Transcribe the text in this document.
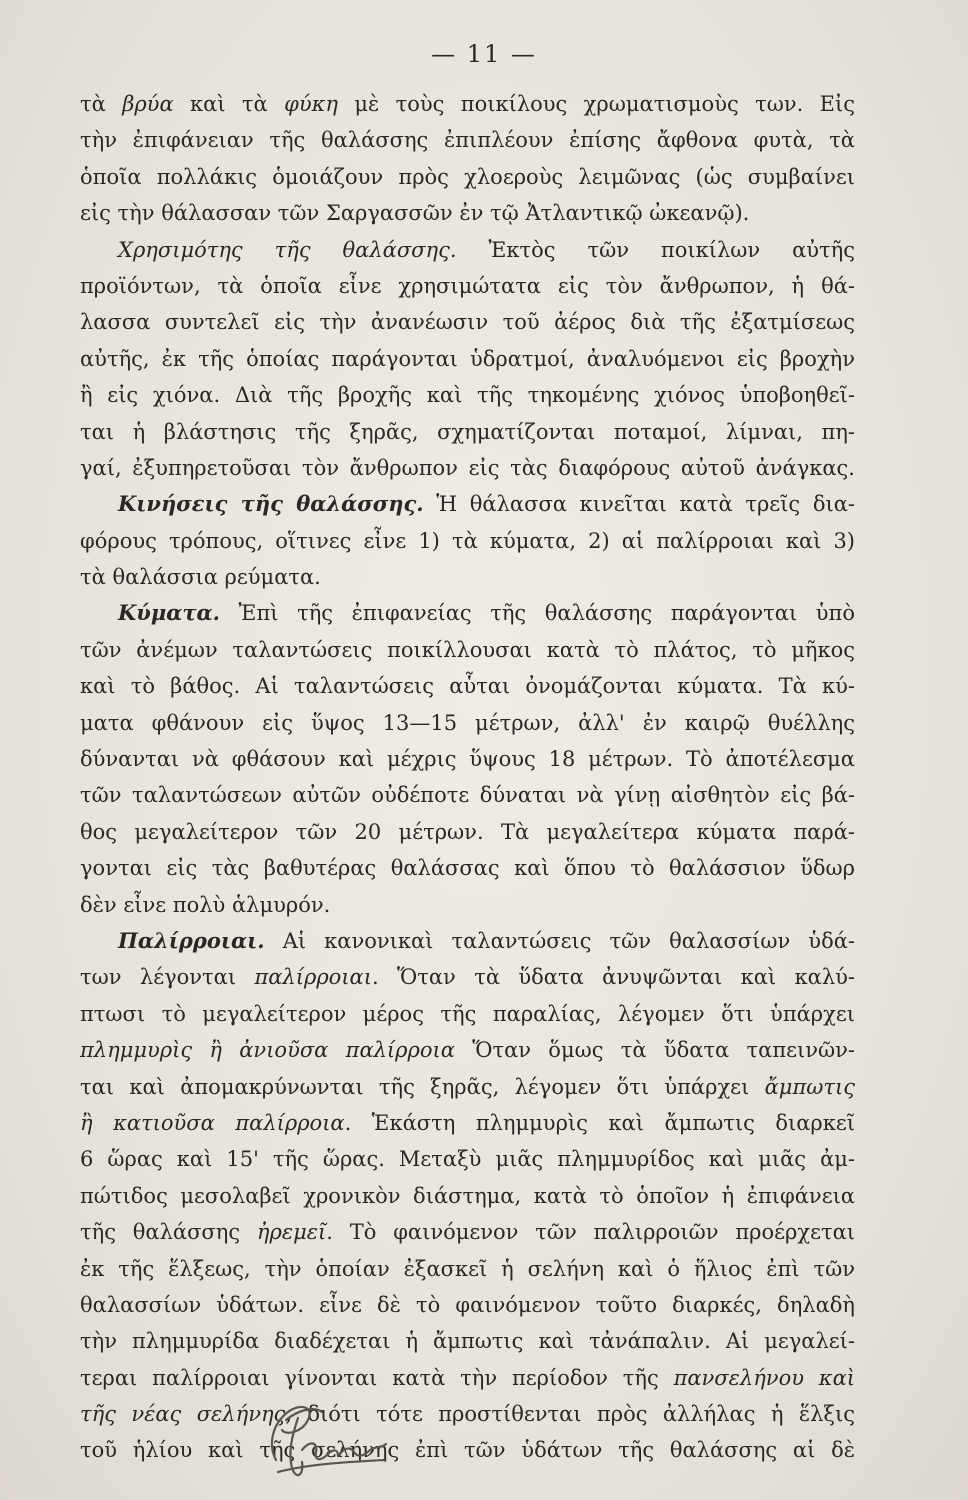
— 11 —
τὰ βρύα καὶ τὰ φύκη μὲ τοὺς ποικίλους χρωματισμοὺς των. Εἰς
τὴν ἐπιφάνειαν τῆς θαλάσσης ἐπιπλέουν ἐπίσης ἄφθονα φυτὰ, τὰ
ὁποῖα πολλάκις ὁμοιάζουν πρὸς χλοεροὺς λειμῶνας (ὡς συμβαίνει
εἰς τὴν θάλασσαν τῶν Σαργασσῶν ἐν τῷ Ἀτλαντικῷ ὠκεανῷ).
Χρησιμότης τῆς θαλάσσης. Ἐκτὸς τῶν ποικίλων αὐτῆς
προϊόντων, τὰ ὁποῖα εἶνε χρησιμώτατα εἰς τὸν ἄνθρωπον, ἡ θά-
λασσα συντελεῖ εἰς τὴν ἀνανέωσιν τοῦ ἀέρος διὰ τῆς ἐξατμίσεως
αὐτῆς, ἐκ τῆς ὁποίας παράγονται ὑδρατμοί, ἀναλυόμενοι εἰς βροχὴν
ἢ εἰς χιόνα. Διὰ τῆς βροχῆς καὶ τῆς τηκομένης χιόνος ὑποβοηθεῖ-
ται ἡ βλάστησις τῆς ξηρᾶς, σχηματίζονται ποταμοί, λίμναι, πη-
γαί, ἐξυπηρετοῦσαι τὸν ἄνθρωπον εἰς τὰς διαφόρους αὐτοῦ ἀνάγκας.
Κινήσεις τῆς θαλάσσης. Ἡ θάλασσα κινεῖται κατὰ τρεῖς δια-
φόρους τρόπους, οἵτινες εἶνε 1) τὰ κύματα, 2) αἱ παλίρροιαι καὶ 3)
τὰ θαλάσσια ρεύματα.
Κύματα. Ἐπὶ τῆς ἐπιφανείας τῆς θαλάσσης παράγονται ὑπὸ
τῶν ἀνέμων ταλαντώσεις ποικίλλουσαι κατὰ τὸ πλάτος, τὸ μῆκος
καὶ τὸ βάθος. Αἱ ταλαντώσεις αὗται ὀνομάζονται κύματα. Τὰ κύ-
ματα φθάνουν εἰς ὕψος 13—15 μέτρων, ἀλλ' ἐν καιρῷ θυέλλης
δύνανται νὰ φθάσουν καὶ μέχρις ὕψους 18 μέτρων. Τὸ ἀποτέλεσμα
τῶν ταλαντώσεων αὐτῶν οὐδέποτε δύναται νὰ γίνῃ αἰσθητὸν εἰς βά-
θος μεγαλείτερον τῶν 20 μέτρων. Τὰ μεγαλείτερα κύματα παρά-
γονται εἰς τὰς βαθυτέρας θαλάσσας καὶ ὅπου τὸ θαλάσσιον ὕδωρ
δὲν εἶνε πολὺ ἁλμυρόν.
Παλίρροιαι. Αἱ κανονικαὶ ταλαντώσεις τῶν θαλασσίων ὑδά-
των λέγονται παλίρροιαι. Ὅταν τὰ ὕδατα ἀνυψῶνται καὶ καλύ-
πτωσι τὸ μεγαλείτερον μέρος τῆς παραλίας, λέγομεν ὅτι ὑπάρχει
πλημμυρὶς ἢ ἀνιοῦσα παλίρροια Ὅταν ὅμως τὰ ὕδατα ταπεινῶν-
ται καὶ ἀπομακρύνωνται τῆς ξηρᾶς, λέγομεν ὅτι ὑπάρχει ἄμπωτις
ἢ κατιοῦσα παλίρροια. Ἑκάστη πλημμυρὶς καὶ ἄμπωτις διαρκεῖ
6 ὥρας καὶ 15' τῆς ὥρας. Μεταξὺ μιᾶς πλημμυρίδος καὶ μιᾶς ἀμ-
πώτιδος μεσολαβεῖ χρονικὸν διάστημα, κατὰ τὸ ὁποῖον ἡ ἐπιφάνεια
τῆς θαλάσσης ἠρεμεῖ. Τὸ φαινόμενον τῶν παλιρροιῶν προέρχεται
ἐκ τῆς ἕλξεως, τὴν ὁποίαν ἐξασκεῖ ἡ σελήνη καὶ ὁ ἥλιος ἐπὶ τῶν
θαλασσίων ὑδάτων. εἶνε δὲ τὸ φαινόμενον τοῦτο διαρκές, δηλαδὴ
τὴν πλημμυρίδα διαδέχεται ἡ ἄμπωτις καὶ τἀνάπαλιν. Αἱ μεγαλεί-
τεραι παλίρροιαι γίνονται κατὰ τὴν περίοδον τῆς πανσελήνου καὶ
τῆς νέας σελήνης, διότι τότε προστίθενται πρὸς ἀλλήλας ἡ ἕλξις
τοῦ ἡλίου καὶ τῆς σελήνης ἐπὶ τῶν ὑδάτων τῆς θαλάσσης αἱ δὲ
